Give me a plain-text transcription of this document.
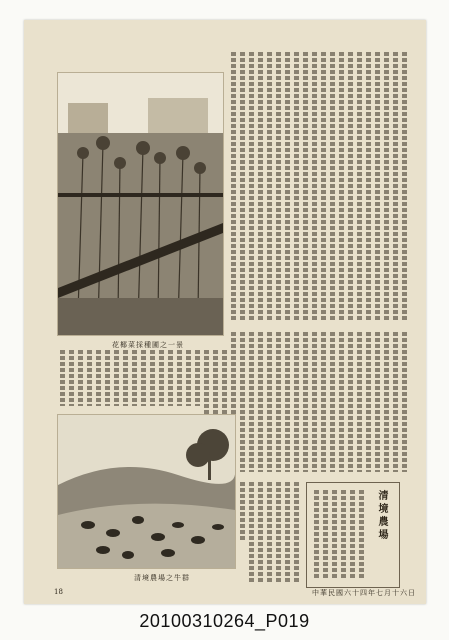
花椰菜採種圃之一景
清境農場之牛群
清境農場
18	中華民國六十四年七月十六日
20100310264_P019
